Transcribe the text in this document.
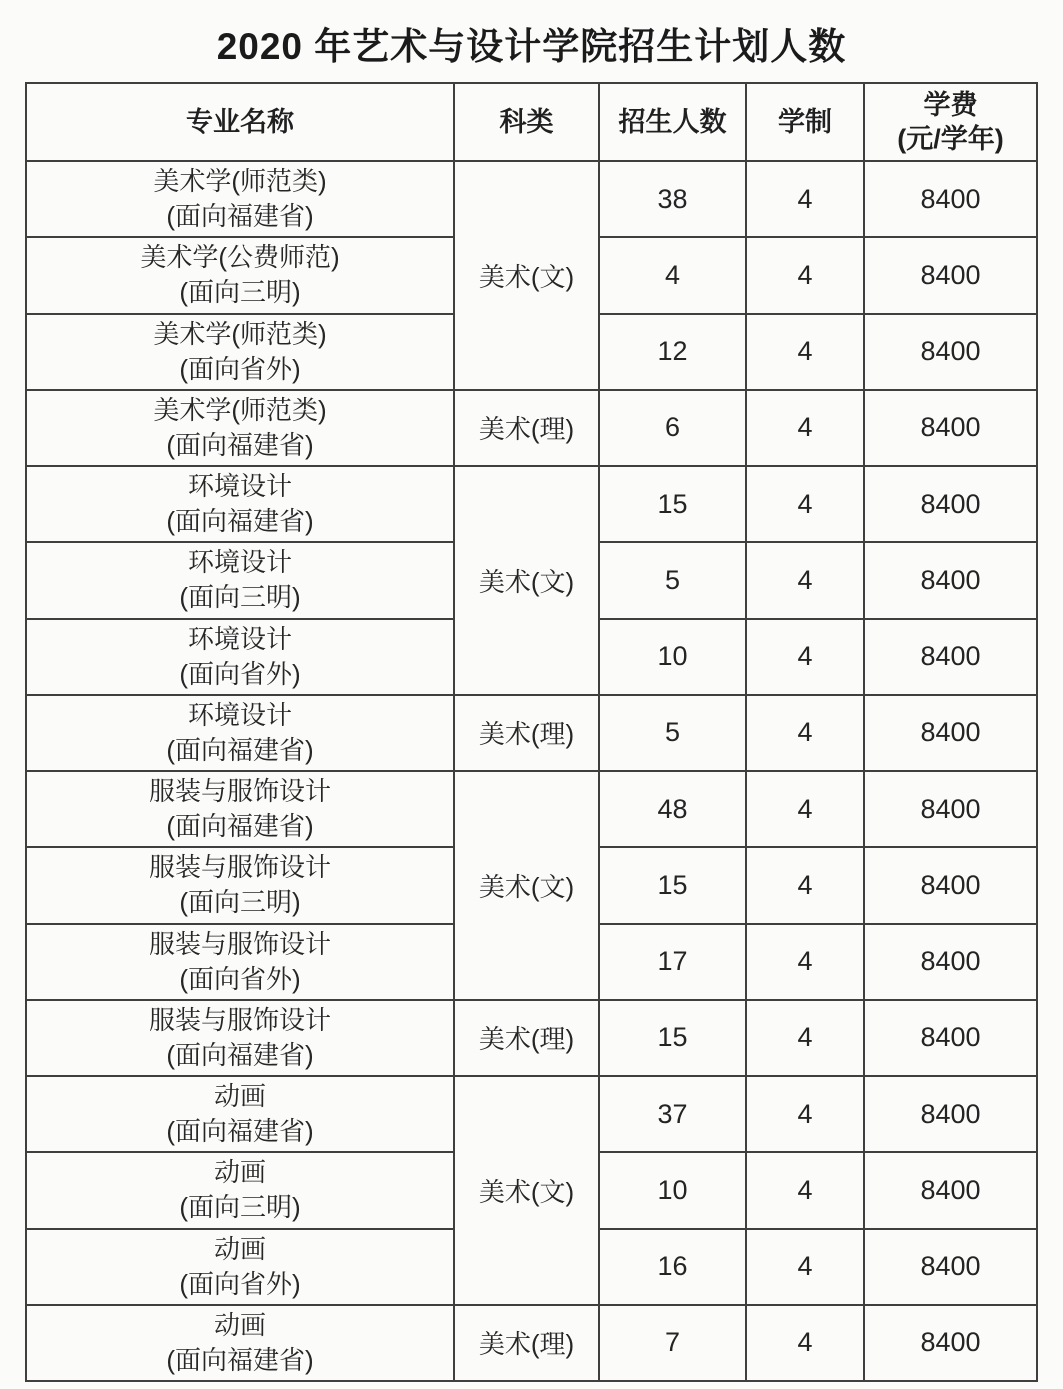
2020 年艺术与设计学院招生计划人数
专业名称	科类	招生人数	学制	学费
(元/学年)

美术学(师范类)
(面向福建省)	美术(文)	38	4	8400

美术学(公费师范)
(面向三明)		4	4	8400

美术学(师范类)
(面向省外)		12	4	8400

美术学(师范类)
(面向福建省)	美术(理)	6	4	8400

环境设计
(面向福建省)	美术(文)	15	4	8400

环境设计
(面向三明)		5	4	8400

环境设计
(面向省外)		10	4	8400

环境设计
(面向福建省)	美术(理)	5	4	8400

服装与服饰设计
(面向福建省)	美术(文)	48	4	8400

服装与服饰设计
(面向三明)		15	4	8400

服装与服饰设计
(面向省外)		17	4	8400

服装与服饰设计
(面向福建省)	美术(理)	15	4	8400

动画
(面向福建省)	美术(文)	37	4	8400

动画
(面向三明)		10	4	8400

动画
(面向省外)		16	4	8400

动画
(面向福建省)	美术(理)	7	4	8400
